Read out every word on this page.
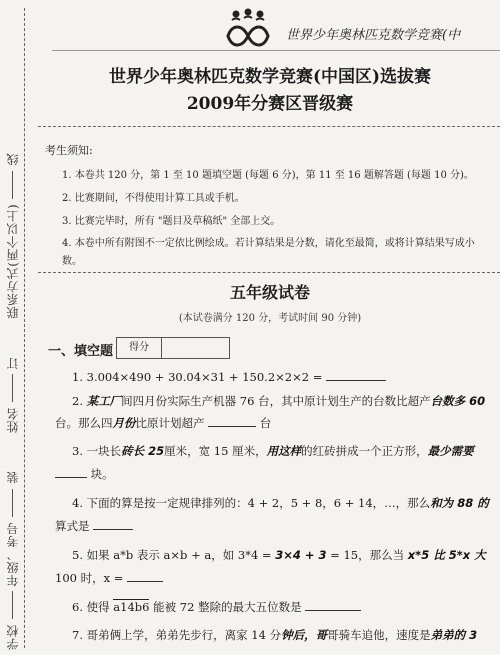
学校  年级、考号  装  姓名  订  联系方式(两个以上)  线
世界少年奥林匹克数学竞赛(中
世界少年奥林匹克数学竞赛(中国区)选拔赛
2009年分赛区晋级赛
考生须知:
1. 本卷共 120 分，第 1 至 10 题填空题 (每题 6 分)，第 11 至 16 题解答题 (每题 10 分)。
2. 比赛期间，不得使用计算工具或手机。
3. 比赛完毕时，所有 "题目及草稿纸" 全部上交。
4. 本卷中所有附图不一定依比例绘成。若计算结果是分数，请化至最简，或将计算结果写成小数。
五年级试卷
(本试卷满分 120 分，考试时间 90 分钟)
一、填空题	得分
1. 3.004×490 + 30.04×31 + 150.2×2×2 =
2. 某工厂间四月份实际生产机器 76 台，其中原计划生产的台数比超产台数多 60
台。那么四月份比原计划超产	台
3. 一块长砖长 25厘米，宽 15 厘米，用这样的红砖拼成一个正方形，最少需要
块。
4. 下面的算是按一定规律排列的：4 + 2，5 + 8，6 + 14，…，那么和为 88 的
算式是
5. 如果 a*b 表示 a×b + a，如 3*4 = 3×4 + 3 = 15，那么当 x*5 比 5*x 大
100 时，x =
6. 使得 a14b6 能被 72 整除的最大五位数是
7. 哥弟俩上学，弟弟先步行，离家 14 分钟后，哥哥骑车追他，速度是弟弟的 3
